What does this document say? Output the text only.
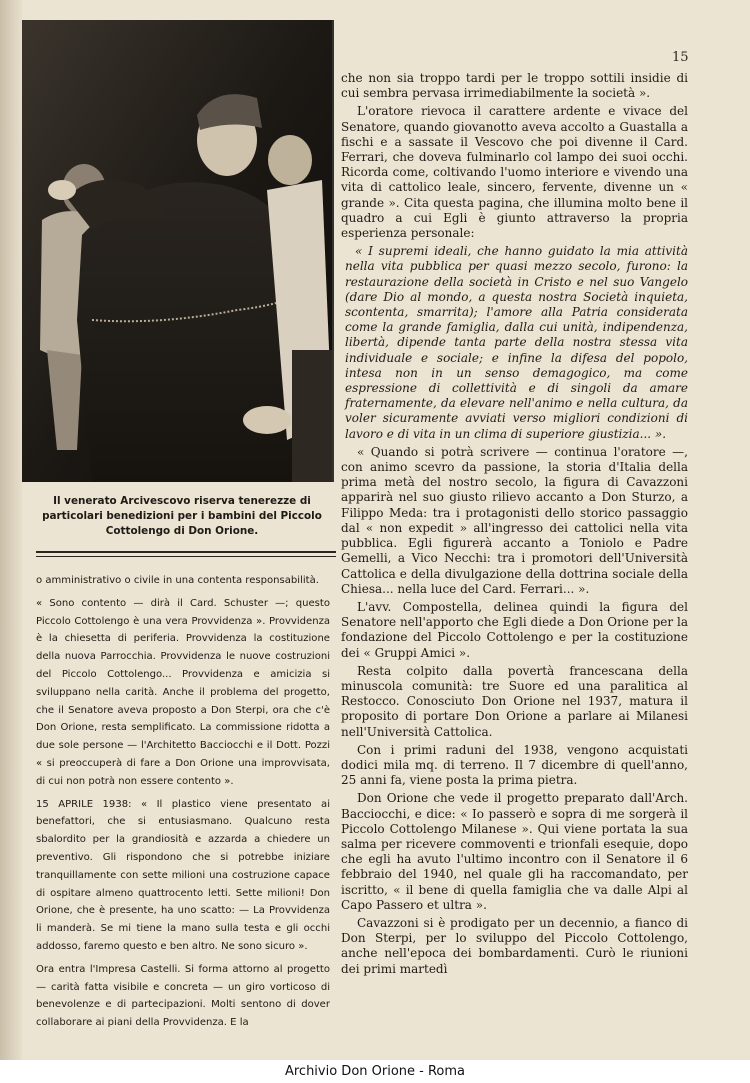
15
Il venerato Arcivescovo riserva tenerezze di particolari benedizioni per i bambini del Piccolo Cottolengo di Don Orione.

o amministrativo o civile in una contenta responsabilità.

« Sono contento — dirà il Card. Schuster —; questo Piccolo Cottolengo è una vera Provvidenza ». Provvidenza è la chiesetta di periferia. Provvidenza la costituzione della nuova Parrocchia. Provvidenza le nuove costruzioni del Piccolo Cottolengo... Provvidenza e amicizia si sviluppano nella carità. Anche il problema del progetto, che il Senatore aveva proposto a Don Sterpi, ora che c'è Don Orione, resta semplificato. La commissione ridotta a due sole persone — l'Architetto Bacciocchi e il Dott. Pozzi « si preoccuperà di fare a Don Orione una improvvisata, di cui non potrà non essere contento ».

15 APRILE 1938: « Il plastico viene presentato ai benefattori, che si entusiasmano. Qualcuno resta sbalordito per la grandiosità e azzarda a chiedere un preventivo. Gli rispondono che si potrebbe iniziare tranquillamente con sette milioni una costruzione capace di ospitare almeno quattrocento letti. Sette milioni! Don Orione, che è presente, ha uno scatto: — La Provvidenza li manderà. Se mi tiene la mano sulla testa e gli occhi addosso, faremo questo e ben altro. Ne sono sicuro ».

Ora entra l'Impresa Castelli. Si forma attorno al progetto — carità fatta visibile e concreta — un giro vorticoso di benevolenze e di partecipazioni. Molti sentono di dover collaborare ai piani della Provvidenza. E la

che non sia troppo tardi per le troppo sottili insidie di cui sembra pervasa irrimediabilmente la società ».

L'oratore rievoca il carattere ardente e vivace del Senatore, quando giovanotto aveva accolto a Guastalla a fischi e a sassate il Vescovo che poi divenne il Card. Ferrari, che doveva fulminarlo col lampo dei suoi occhi. Ricorda come, coltivando l'uomo interiore e vivendo una vita di cattolico leale, sincero, fervente, divenne un « grande ». Cita questa pagina, che illumina molto bene il quadro a cui Egli è giunto attraverso la propria esperienza personale:

« I supremi ideali, che hanno guidato la mia attività nella vita pubblica per quasi mezzo secolo, furono: la restaurazione della società in Cristo e nel suo Vangelo (dare Dio al mondo, a questa nostra Società inquieta, scontenta, smarrita); l'amore alla Patria considerata come la grande famiglia, dalla cui unità, indipendenza, libertà, dipende tanta parte della nostra stessa vita individuale e sociale; e infine la difesa del popolo, intesa non in un senso demagogico, ma come espressione di collettività e di singoli da amare fraternamente, da elevare nell'animo e nella cultura, da voler sicuramente avviati verso migliori condizioni di lavoro e di vita in un clima di superiore giustizia... ».

« Quando si potrà scrivere — continua l'oratore —, con animo scevro da passione, la storia d'Italia della prima metà del nostro secolo, la figura di Cavazzoni apparirà nel suo giusto rilievo accanto a Don Sturzo, a Filippo Meda: tra i protagonisti dello storico passaggio dal « non expedit » all'ingresso dei cattolici nella vita pubblica. Egli figurerà accanto a Toniolo e Padre Gemelli, a Vico Necchi: tra i promotori dell'Università Cattolica e della divulgazione della dottrina sociale della Chiesa... nella luce del Card. Ferrari... ».

L'avv. Compostella, delinea quindi la figura del Senatore nell'apporto che Egli diede a Don Orione per la fondazione del Piccolo Cottolengo e per la costituzione dei « Gruppi Amici ».

Resta colpito dalla povertà francescana della minuscola comunità: tre Suore ed una paralitica al Restocco. Conosciuto Don Orione nel 1937, matura il proposito di portare Don Orione a parlare ai Milanesi nell'Università Cattolica.

Con i primi raduni del 1938, vengono acquistati dodici mila mq. di terreno. Il 7 dicembre di quell'anno, 25 anni fa, viene posta la prima pietra.

Don Orione che vede il progetto preparato dall'Arch. Bacciocchi, e dice: « Io passerò e sopra di me sorgerà il Piccolo Cottolengo Milanese ». Qui viene portata la sua salma per ricevere commoventi e trionfali esequie, dopo che egli ha avuto l'ultimo incontro con il Senatore il 6 febbraio del 1940, nel quale gli ha raccomandato, per iscritto, « il bene di quella famiglia che va dalle Alpi al Capo Passero et ultra ».

Cavazzoni si è prodigato per un decennio, a fianco di Don Sterpi, per lo sviluppo del Piccolo Cottolengo, anche nell'epoca dei bombardamenti. Curò le riunioni dei primi martedì

Archivio Don Orione - Roma
